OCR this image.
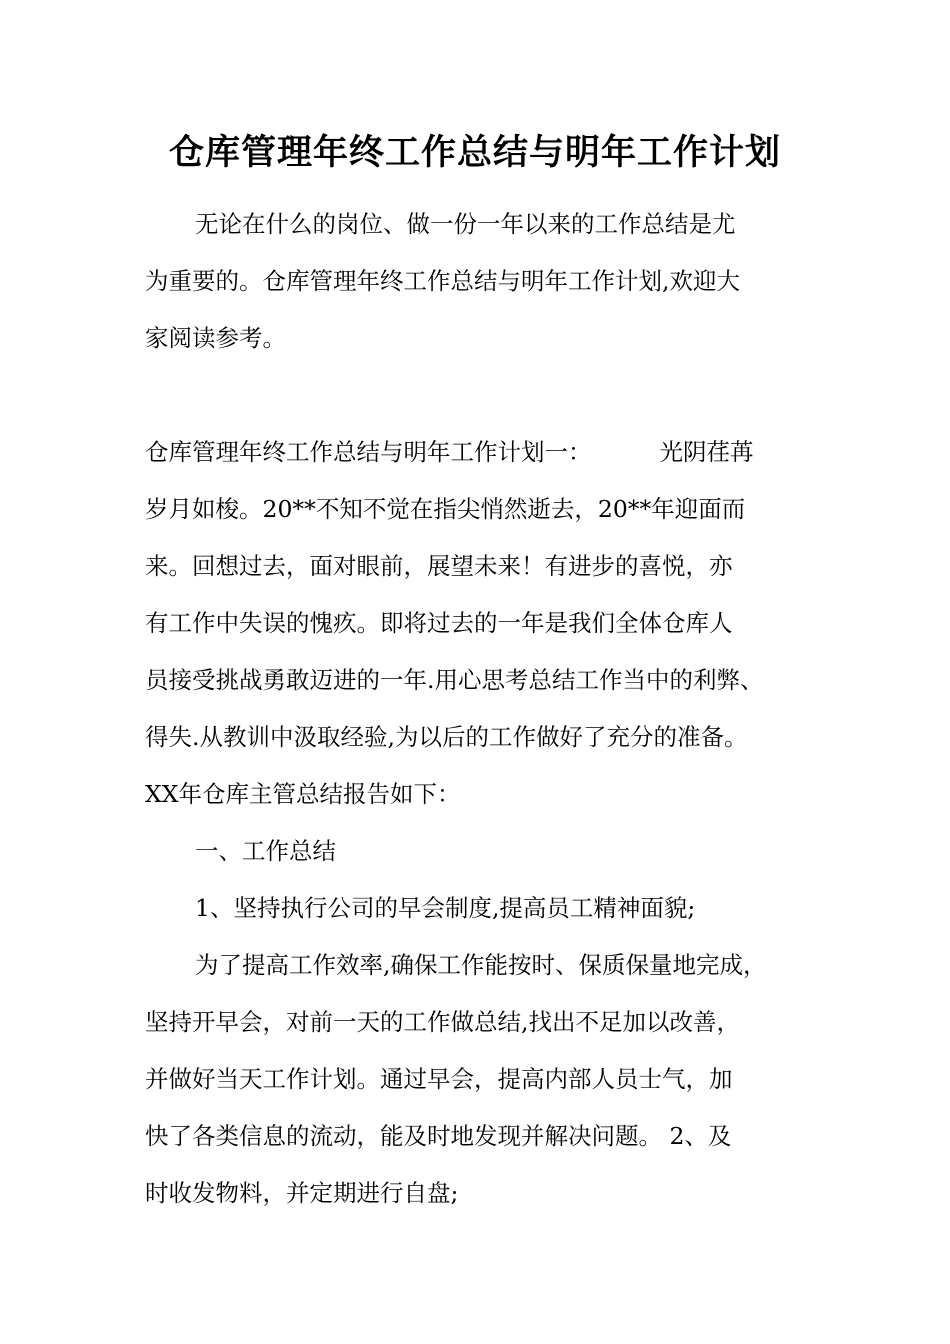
仓库管理年终工作总结与明年工作计划
无论在什么的岗位、做一份一年以来的工作总结是尤
为重要的。仓库管理年终工作总结与明年工作计划,欢迎大
家阅读参考。
仓库管理年终工作总结与明年工作计划一：	光阴荏苒
岁月如梭。20**不知不觉在指尖悄然逝去，20**年迎面而
来。回想过去，面对眼前，展望未来！有进步的喜悦，亦
有工作中失误的愧疚。即将过去的一年是我们全体仓库人
员接受挑战勇敢迈进的一年.用心思考总结工作当中的利弊、
得失.从教训中汲取经验,为以后的工作做好了充分的准备。
XX年仓库主管总结报告如下：
一、工作总结
1、坚持执行公司的早会制度,提高员工精神面貌;
为了提高工作效率,确保工作能按时、保质保量地完成，
坚持开早会，对前一天的工作做总结,找出不足加以改善，
并做好当天工作计划。通过早会，提高内部人员士气，加
快了各类信息的流动，能及时地发现并解决问题。 2、及
时收发物料，并定期进行自盘;
